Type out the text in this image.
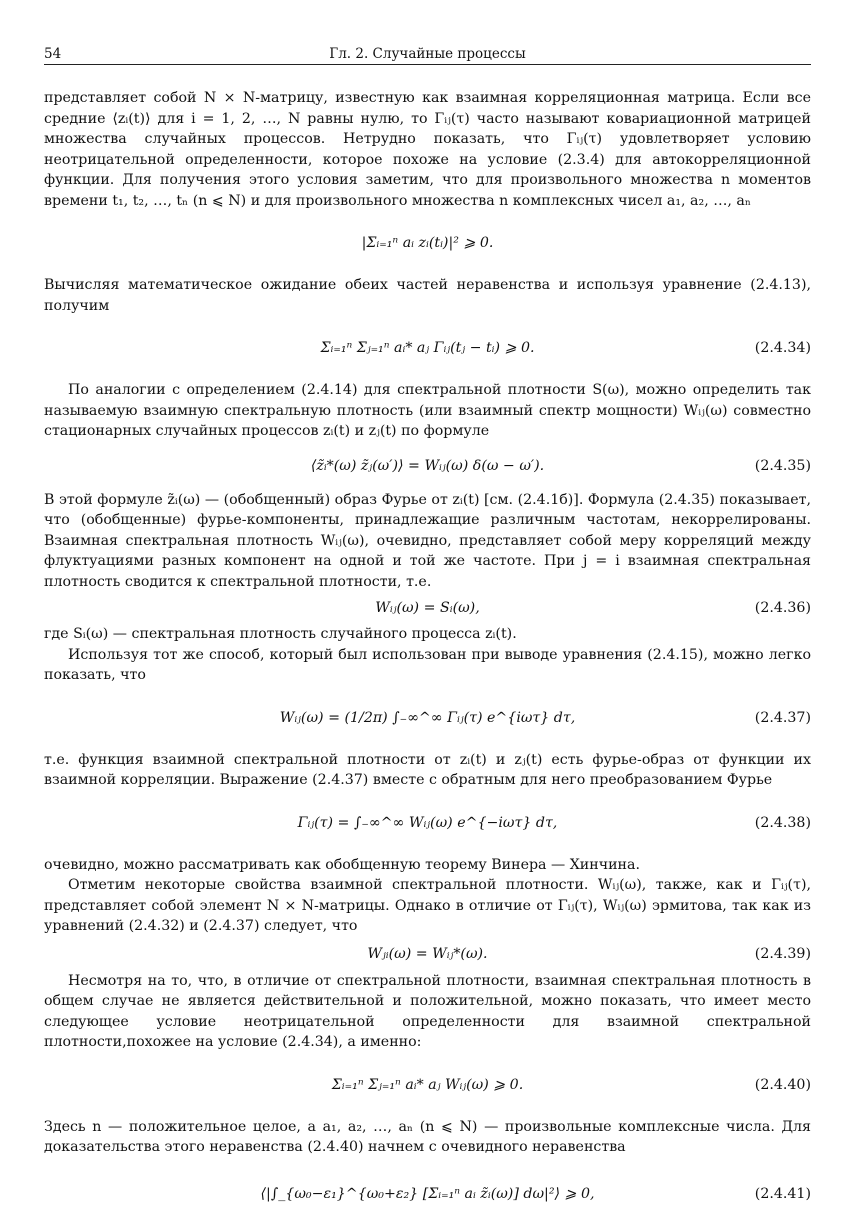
54	Гл. 2. Случайные процессы

представляет собой N × N-матрицу, известную как взаимная корреляционная матрица. Если все средние ⟨zᵢ(t)⟩ для i = 1, 2, …, N равны нулю, то Γᵢⱼ(τ) часто называют ковариационной матрицей множества случайных процессов. Нетрудно показать, что Γᵢⱼ(τ) удовлетворяет условию неотрицательной определенности, которое похоже на условие (2.3.4) для автокорреляционной функции. Для получения этого условия заметим, что для произвольного множества n моментов времени t₁, t₂, …, tₙ (n ⩽ N) и для произвольного множества n комплексных чисел a₁, a₂, …, aₙ

|Σᵢ₌₁ⁿ aᵢ zᵢ(tᵢ)|² ⩾ 0.

Вычисляя математическое ожидание обеих частей неравенства и используя уравнение (2.4.13), получим

Σᵢ₌₁ⁿ Σⱼ₌₁ⁿ aᵢ* aⱼ Γᵢⱼ(tⱼ − tᵢ) ⩾ 0.	(2.4.34)

По аналогии с определением (2.4.14) для спектральной плотности S(ω), можно определить так называемую взаимную спектральную плотность (или взаимный спектр мощности) Wᵢⱼ(ω) совместно стационарных случайных процессов zᵢ(t) и zⱼ(t) по формуле

⟨z̃ᵢ*(ω) z̃ⱼ(ω′)⟩ = Wᵢⱼ(ω) δ(ω − ω′).	(2.4.35)

В этой формуле z̃ᵢ(ω) — (обобщенный) образ Фурье от zᵢ(t) [см. (2.4.1б)]. Формула (2.4.35) показывает, что (обобщенные) фурье-компоненты, принадлежащие различным частотам, некоррелированы. Взаимная спектральная плотность Wᵢⱼ(ω), очевидно, представляет собой меру корреляций между флуктуациями разных компонент на одной и той же частоте. При j = i взаимная спектральная плотность сводится к спектральной плотности, т.е.

Wᵢⱼ(ω) = Sᵢ(ω),	(2.4.36)

где Sᵢ(ω) — спектральная плотность случайного процесса zᵢ(t).

Используя тот же способ, который был использован при выводе уравнения (2.4.15), можно легко показать, что

Wᵢⱼ(ω) = (1/2π) ∫₋∞^∞ Γᵢⱼ(τ) e^{iωτ} dτ,	(2.4.37)

т.е. функция взаимной спектральной плотности от zᵢ(t) и zⱼ(t) есть фурье-образ от функции их взаимной корреляции. Выражение (2.4.37) вместе с обратным для него преобразованием Фурье

Γᵢⱼ(τ) = ∫₋∞^∞ Wᵢⱼ(ω) e^{−iωτ} dτ,	(2.4.38)

очевидно, можно рассматривать как обобщенную теорему Винера — Хинчина.

Отметим некоторые свойства взаимной спектральной плотности. Wᵢⱼ(ω), также, как и Γᵢⱼ(τ), представляет собой элемент N × N-матрицы. Однако в отличие от Γᵢⱼ(τ), Wᵢⱼ(ω) эрмитова, так как из уравнений (2.4.32) и (2.4.37) следует, что

Wⱼᵢ(ω) = Wᵢⱼ*(ω).	(2.4.39)

Несмотря на то, что, в отличие от спектральной плотности, взаимная спектральная плотность в общем случае не является действительной и положительной, можно показать, что имеет место следующее условие неотрицательной определенности для взаимной спектральной плотности,похожее на условие (2.4.34), а именно:

Σᵢ₌₁ⁿ Σⱼ₌₁ⁿ aᵢ* aⱼ Wᵢⱼ(ω) ⩾ 0.	(2.4.40)

Здесь n — положительное целое, а a₁, a₂, …, aₙ (n ⩽ N) — произвольные комплексные числа. Для доказательства этого неравенства (2.4.40) начнем с очевидного неравенства

⟨|∫_{ω₀−ε₁}^{ω₀+ε₂} [Σᵢ₌₁ⁿ aᵢ z̃ᵢ(ω)] dω|²⟩ ⩾ 0,	(2.4.41)
